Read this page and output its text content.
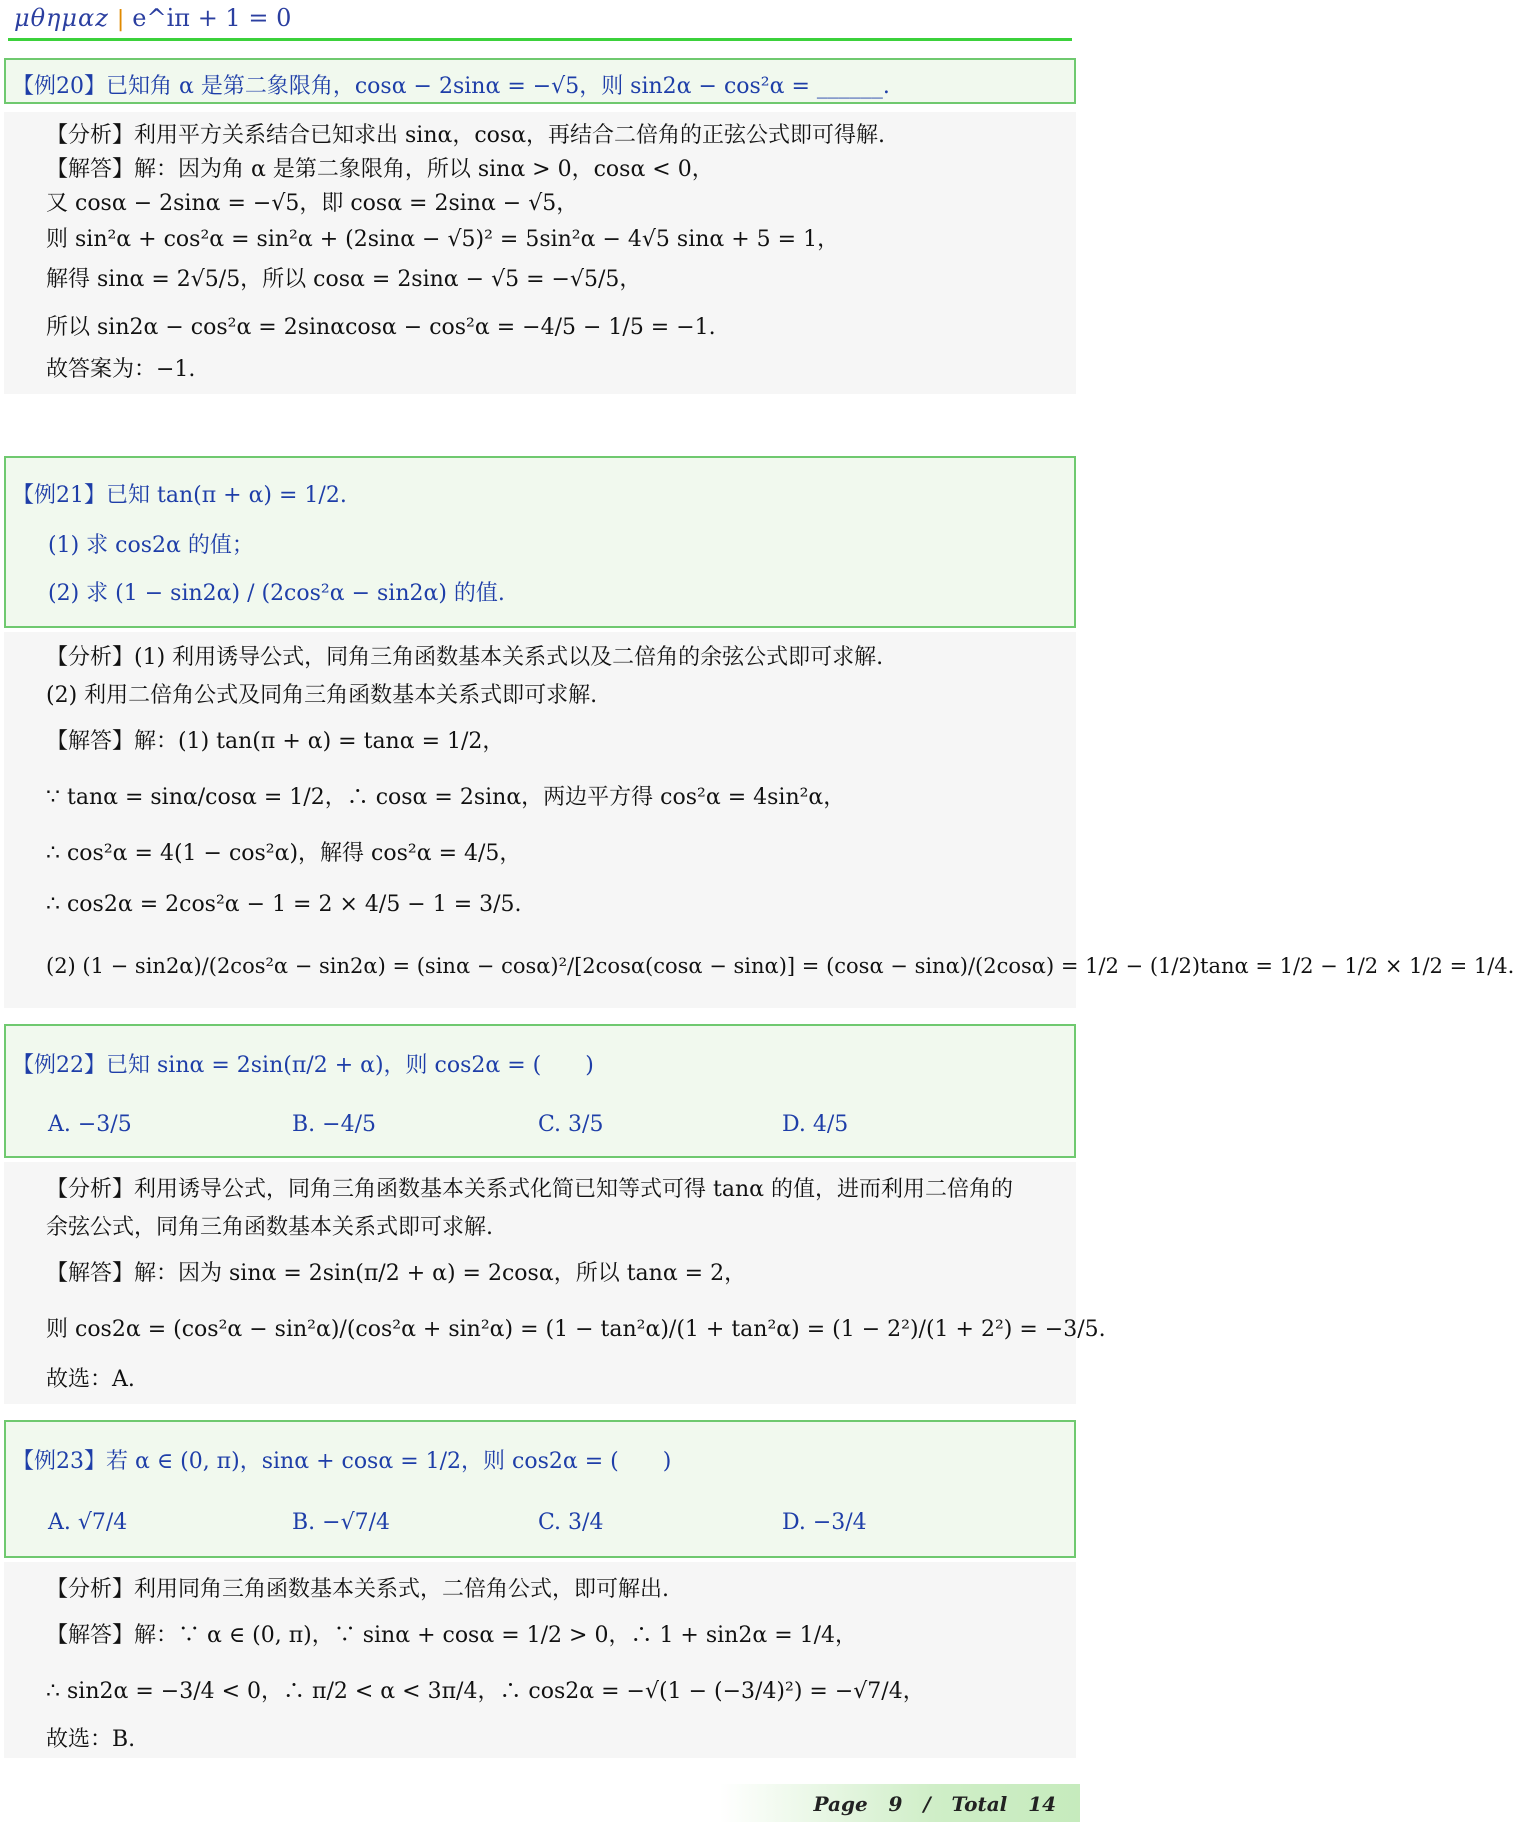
μθημαz | e^iπ + 1 = 0
【例20】已知角 α 是第二象限角，cosα − 2sinα = −√5，则 sin2α − cos²α = ______.
【分析】利用平方关系结合已知求出 sinα，cosα，再结合二倍角的正弦公式即可得解.
【解答】解：因为角 α 是第二象限角，所以 sinα > 0，cosα < 0，
又 cosα − 2sinα = −√5，即 cosα = 2sinα − √5，
则 sin²α + cos²α = sin²α + (2sinα − √5)² = 5sin²α − 4√5 sinα + 5 = 1，
解得 sinα = 2√5/5，所以 cosα = 2sinα − √5 = −√5/5，
所以 sin2α − cos²α = 2sinαcosα − cos²α = −4/5 − 1/5 = −1.
故答案为：−1.
【例21】已知 tan(π + α) = 1/2.
(1) 求 cos2α 的值；
(2) 求 (1 − sin2α) / (2cos²α − sin2α) 的值.
【分析】(1) 利用诱导公式，同角三角函数基本关系式以及二倍角的余弦公式即可求解.
(2) 利用二倍角公式及同角三角函数基本关系式即可求解.
【解答】解：(1) tan(π + α) = tanα = 1/2，
∵ tanα = sinα/cosα = 1/2，∴ cosα = 2sinα，两边平方得 cos²α = 4sin²α，
∴ cos²α = 4(1 − cos²α)，解得 cos²α = 4/5，
∴ cos2α = 2cos²α − 1 = 2 × 4/5 − 1 = 3/5.
(2) (1 − sin2α)/(2cos²α − sin2α) = (sinα − cosα)²/[2cosα(cosα − sinα)] = (cosα − sinα)/(2cosα) = 1/2 − (1/2)tanα = 1/2 − 1/2 × 1/2 = 1/4.
【例22】已知 sinα = 2sin(π/2 + α)，则 cos2α = (　　)
A. −3/5	B. −4/5	C. 3/5	D. 4/5
【分析】利用诱导公式，同角三角函数基本关系式化简已知等式可得 tanα 的值，进而利用二倍角的
余弦公式，同角三角函数基本关系式即可求解.
【解答】解：因为 sinα = 2sin(π/2 + α) = 2cosα，所以 tanα = 2，
则 cos2α = (cos²α − sin²α)/(cos²α + sin²α) = (1 − tan²α)/(1 + tan²α) = (1 − 2²)/(1 + 2²) = −3/5.
故选：A.
【例23】若 α ∈ (0, π)，sinα + cosα = 1/2，则 cos2α = (　　)
A. √7/4	B. −√7/4	C. 3/4	D. −3/4
【分析】利用同角三角函数基本关系式，二倍角公式，即可解出.
【解答】解：∵ α ∈ (0, π)，∵ sinα + cosα = 1/2 > 0，∴ 1 + sin2α = 1/4，
∴ sin2α = −3/4 < 0，∴ π/2 < α < 3π/4，∴ cos2α = −√(1 − (−3/4)²) = −√7/4，
故选：B.
Page   9   /   Total   14
